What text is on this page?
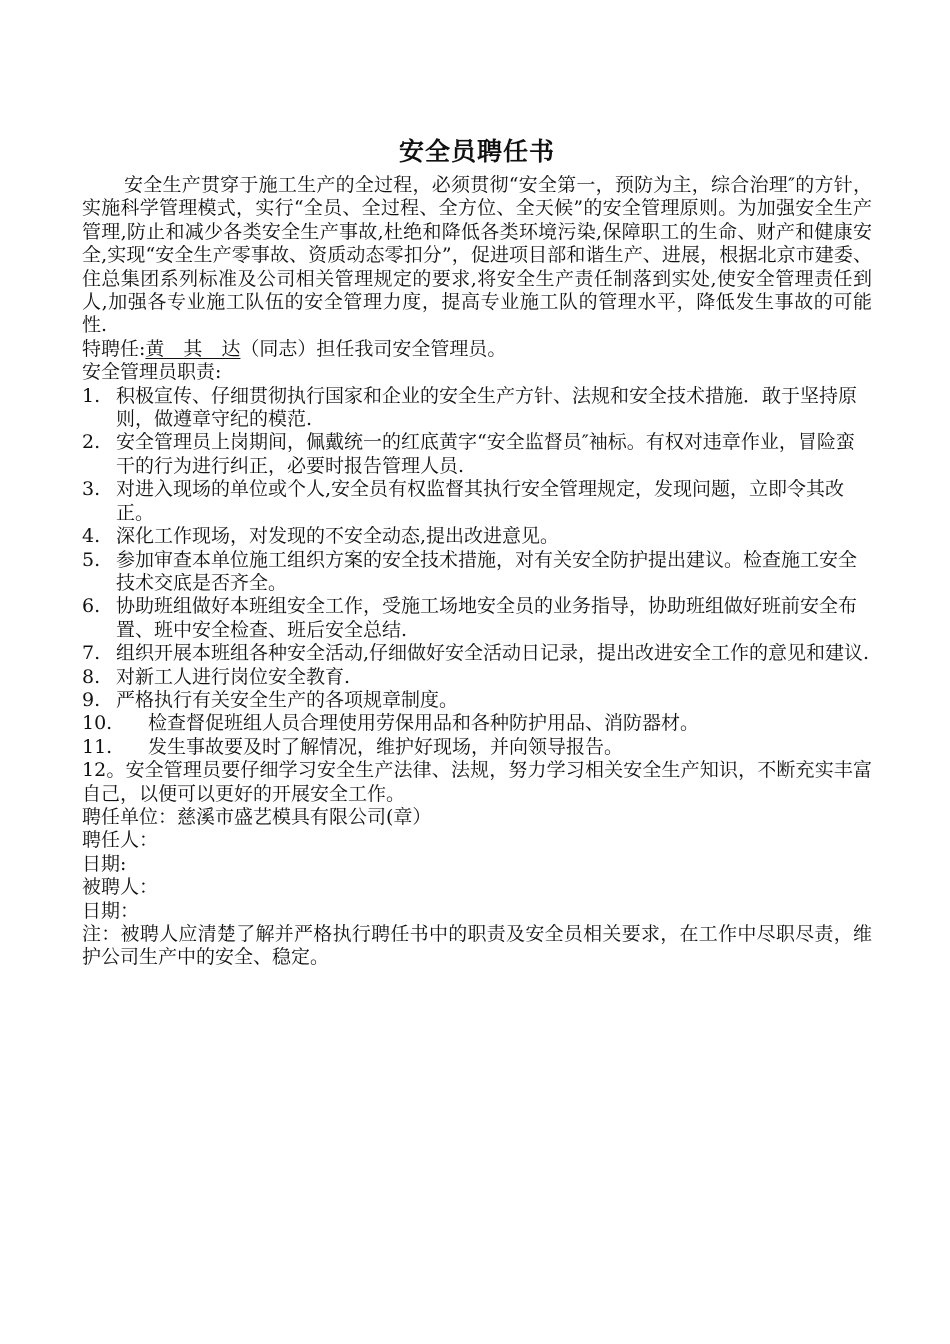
安全员聘任书

安全生产贯穿于施工生产的全过程，必须贯彻“安全第一，预防为主，综合治理″的方针，实施科学管理模式，实行“全员、全过程、全方位、全天候”的安全管理原则。为加强安全生产管理,防止和减少各类安全生产事故,杜绝和降低各类环境污染,保障职工的生命、财产和健康安全,实现“安全生产零事故、资质动态零扣分”，促进项目部和谐生产、进展，根据北京市建委、住总集团系列标准及公司相关管理规定的要求,将安全生产责任制落到实处,使安全管理责任到人,加强各专业施工队伍的安全管理力度，提高专业施工队的管理水平，降低发生事故的可能性.

特聘任:黄　其　达（同志）担任我司安全管理员。

安全管理员职责:

1. 积极宣传、仔细贯彻执行国家和企业的安全生产方针、法规和安全技术措施．敢于坚持原则，做遵章守纪的模范.
2. 安全管理员上岗期间，佩戴统一的红底黄字“安全监督员″袖标。有权对违章作业，冒险蛮干的行为进行纠正，必要时报告管理人员.
3. 对进入现场的单位或个人,安全员有权监督其执行安全管理规定，发现问题，立即令其改正。
4. 深化工作现场，对发现的不安全动态,提出改进意见。
5. 参加审查本单位施工组织方案的安全技术措施，对有关安全防护提出建议。检查施工安全技术交底是否齐全。
6. 协助班组做好本班组安全工作，受施工场地安全员的业务指导，协助班组做好班前安全布置、班中安全检查、班后安全总结.
7. 组织开展本班组各种安全活动,仔细做好安全活动日记录，提出改进安全工作的意见和建议.
8. 对新工人进行岗位安全教育.
9. 严格执行有关安全生产的各项规章制度。
10.	检查督促班组人员合理使用劳保用品和各种防护用品、消防器材。
11.	发生事故要及时了解情况，维护好现场，并向领导报告。

12。安全管理员要仔细学习安全生产法律、法规，努力学习相关安全生产知识，不断充实丰富自己，以便可以更好的开展安全工作。

聘任单位：慈溪市盛艺模具有限公司(章）

聘任人：

日期:

被聘人：

日期：

注：被聘人应清楚了解并严格执行聘任书中的职责及安全员相关要求，在工作中尽职尽责，维护公司生产中的安全、稳定。
